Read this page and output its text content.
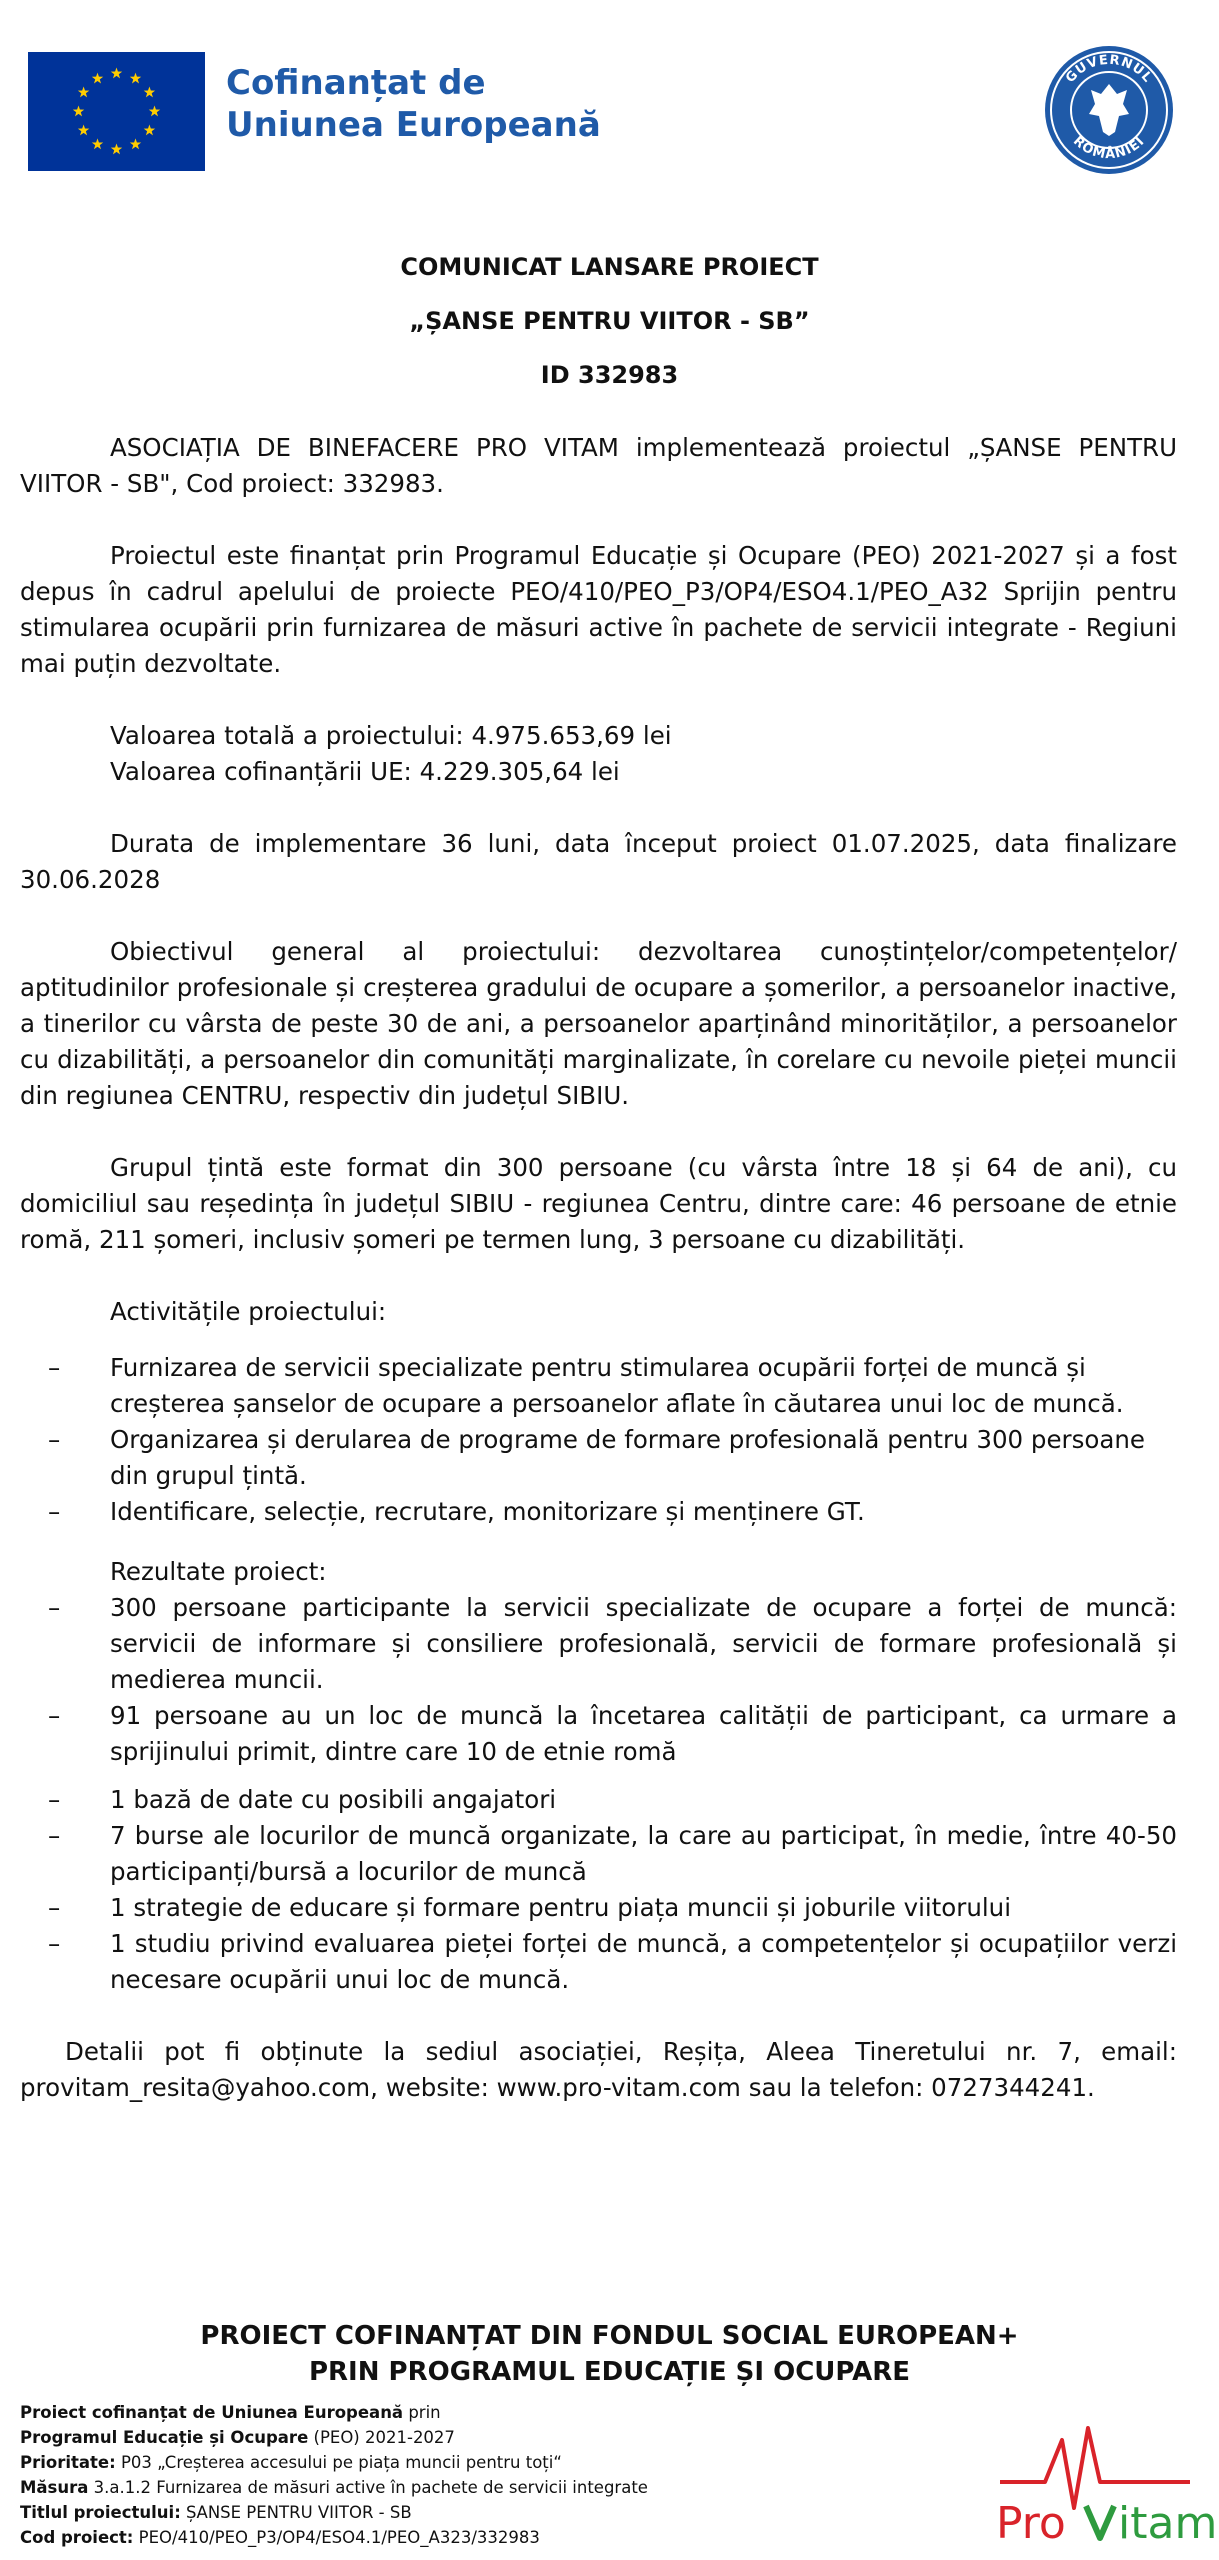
Cofinanțat de
Uniunea Europeană
GUVERNUL
ROMÂNIEI
COMUNICAT LANSARE PROIECT
„ȘANSE PENTRU VIITOR - SB”
ID 332983

ASOCIAȚIA DE BINEFACERE PRO VITAM implementează proiectul „ȘANSE PENTRU VIITOR - SB", Cod proiect: 332983.

Proiectul este finanțat prin Programul Educație și Ocupare (PEO) 2021-2027 și a fost depus în cadrul apelului de proiecte PEO/410/PEO_P3/OP4/ESO4.1/PEO_A32 Sprijin pentru stimularea ocupării prin furnizarea de măsuri active în pachete de servicii integrate - Regiuni mai puțin dezvoltate.

Valoarea totală a proiectului: 4.975.653,69 lei
Valoarea cofinanțării UE: 4.229.305,64 lei

Durata de implementare 36 luni, data început proiect 01.07.2025, data finalizare 30.06.2028

Obiectivul general al proiectului: dezvoltarea cunoștințelor/competențelor/ aptitudinilor profesionale și creșterea gradului de ocupare a șomerilor, a persoanelor inactive, a tinerilor cu vârsta de peste 30 de ani, a persoanelor aparținând minorităților, a persoanelor cu dizabilități, a persoanelor din comunități marginalizate, în corelare cu nevoile pieței muncii din regiunea CENTRU, respectiv din județul SIBIU.

Grupul țintă este format din 300 persoane (cu vârsta între 18 și 64 de ani), cu domiciliul sau reședința în județul SIBIU - regiunea Centru, dintre care: 46 persoane de etnie romă, 211 șomeri, inclusiv șomeri pe termen lung, 3 persoane cu dizabilități.

Activitățile proiectului:
– Furnizarea de servicii specializate pentru stimularea ocupării forței de muncă și creșterea șanselor de ocupare a persoanelor aflate în căutarea unui loc de muncă.
– Organizarea și derularea de programe de formare profesională pentru 300 persoane din grupul țintă.
– Identificare, selecție, recrutare, monitorizare și menținere GT.
Rezultate proiect:
– 300 persoane participante la servicii specializate de ocupare a forței de muncă: servicii de informare și consiliere profesională, servicii de formare profesională și medierea muncii.
– 91 persoane au un loc de muncă la încetarea calității de participant, ca urmare a sprijinului primit, dintre care 10 de etnie romă
– 1 bază de date cu posibili angajatori
– 7 burse ale locurilor de muncă organizate, la care au participat, în medie, între 40-50 participanți/bursă a locurilor de muncă
– 1 strategie de educare și formare pentru piața muncii și joburile viitorului
– 1 studiu privind evaluarea pieței forței de muncă, a competențelor și ocupațiilor verzi necesare ocupării unui loc de muncă.

Detalii pot fi obținute la sediul asociației, Reșița, Aleea Tineretului nr. 7, email: provitam_resita@yahoo.com, website: www.pro-vitam.com sau la telefon: 0727344241.

PROIECT COFINANȚAT DIN FONDUL SOCIAL EUROPEAN+
PRIN PROGRAMUL EDUCAȚIE ȘI OCUPARE
Proiect cofinanțat de Uniunea Europeană prin
Programul Educație și Ocupare (PEO) 2021-2027
Prioritate: P03 „Creșterea accesului pe piața muncii pentru toți“
Măsura 3.a.1.2 Furnizarea de măsuri active în pachete de servicii integrate
Titlul proiectului: ȘANSE PENTRU VIITOR - SB
Cod proiect: PEO/410/PEO_P3/OP4/ESO4.1/PEO_A323/332983	Pro itam
